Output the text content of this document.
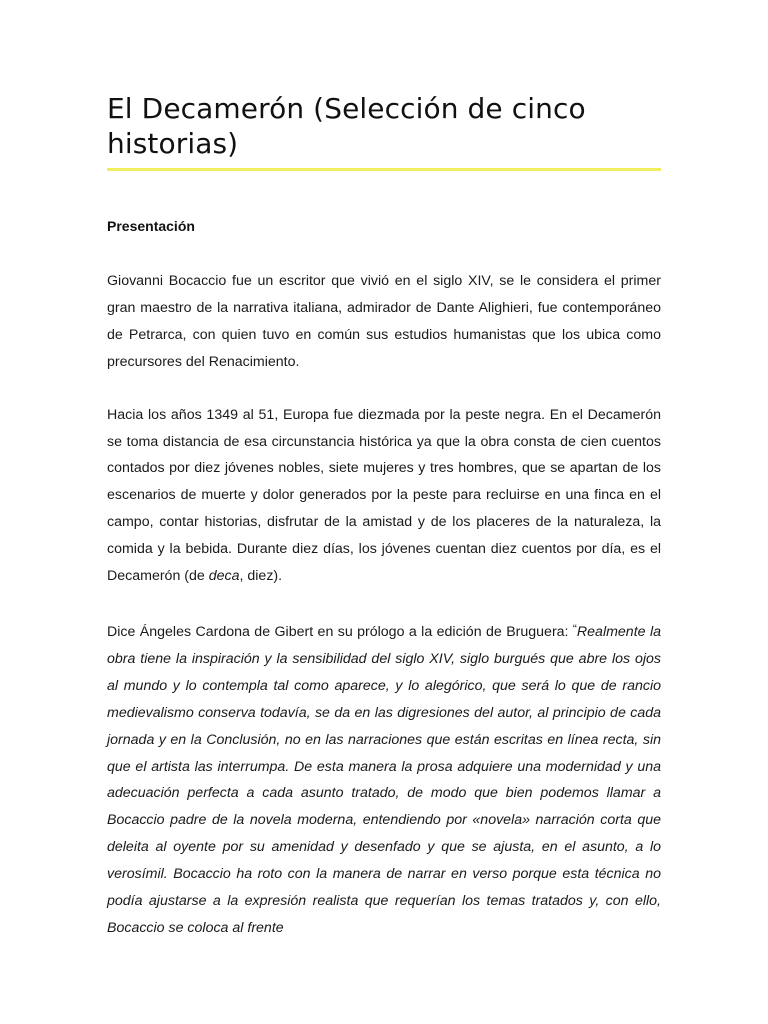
El Decamerón (Selección de cinco historias)
Presentación

Giovanni Bocaccio fue un escritor que vivió en el siglo XIV, se le considera el primer gran maestro de la narrativa italiana, admirador de Dante Alighieri, fue contemporáneo de Petrarca, con quien tuvo en común sus estudios humanistas que los ubica como precursores del Renacimiento.

Hacia los años 1349 al 51, Europa fue diezmada por la peste negra. En el Decamerón se toma distancia de esa circunstancia histórica ya que la obra consta de cien cuentos contados por diez jóvenes nobles, siete mujeres y tres hombres, que se apartan de los escenarios de muerte y dolor generados por la peste para recluirse en una finca en el campo, contar historias, disfrutar de la amistad y de los placeres de la naturaleza, la comida y la bebida. Durante diez días, los jóvenes cuentan diez cuentos por día, es el Decamerón (de deca, diez).

Dice Ángeles Cardona de Gibert en su prólogo a la edición de Bruguera: “Realmente la obra tiene la inspiración y la sensibilidad del siglo XIV, siglo burgués que abre los ojos al mundo y lo contempla tal como aparece, y lo alegórico, que será lo que de rancio medievalismo conserva todavía, se da en las digresiones del autor, al principio de cada jornada y en la Conclusión, no en las narraciones que están escritas en línea recta, sin que el artista las interrumpa. De esta manera la prosa adquiere una modernidad y una adecuación perfecta a cada asunto tratado, de modo que bien podemos llamar a Bocaccio padre de la novela moderna, entendiendo por «novela» narración corta que deleita al oyente por su amenidad y desenfado y que se ajusta, en el asunto, a lo verosímil. Bocaccio ha roto con la manera de narrar en verso porque esta técnica no podía ajustarse a la expresión realista que requerían los temas tratados y, con ello, Bocaccio se coloca al frente
